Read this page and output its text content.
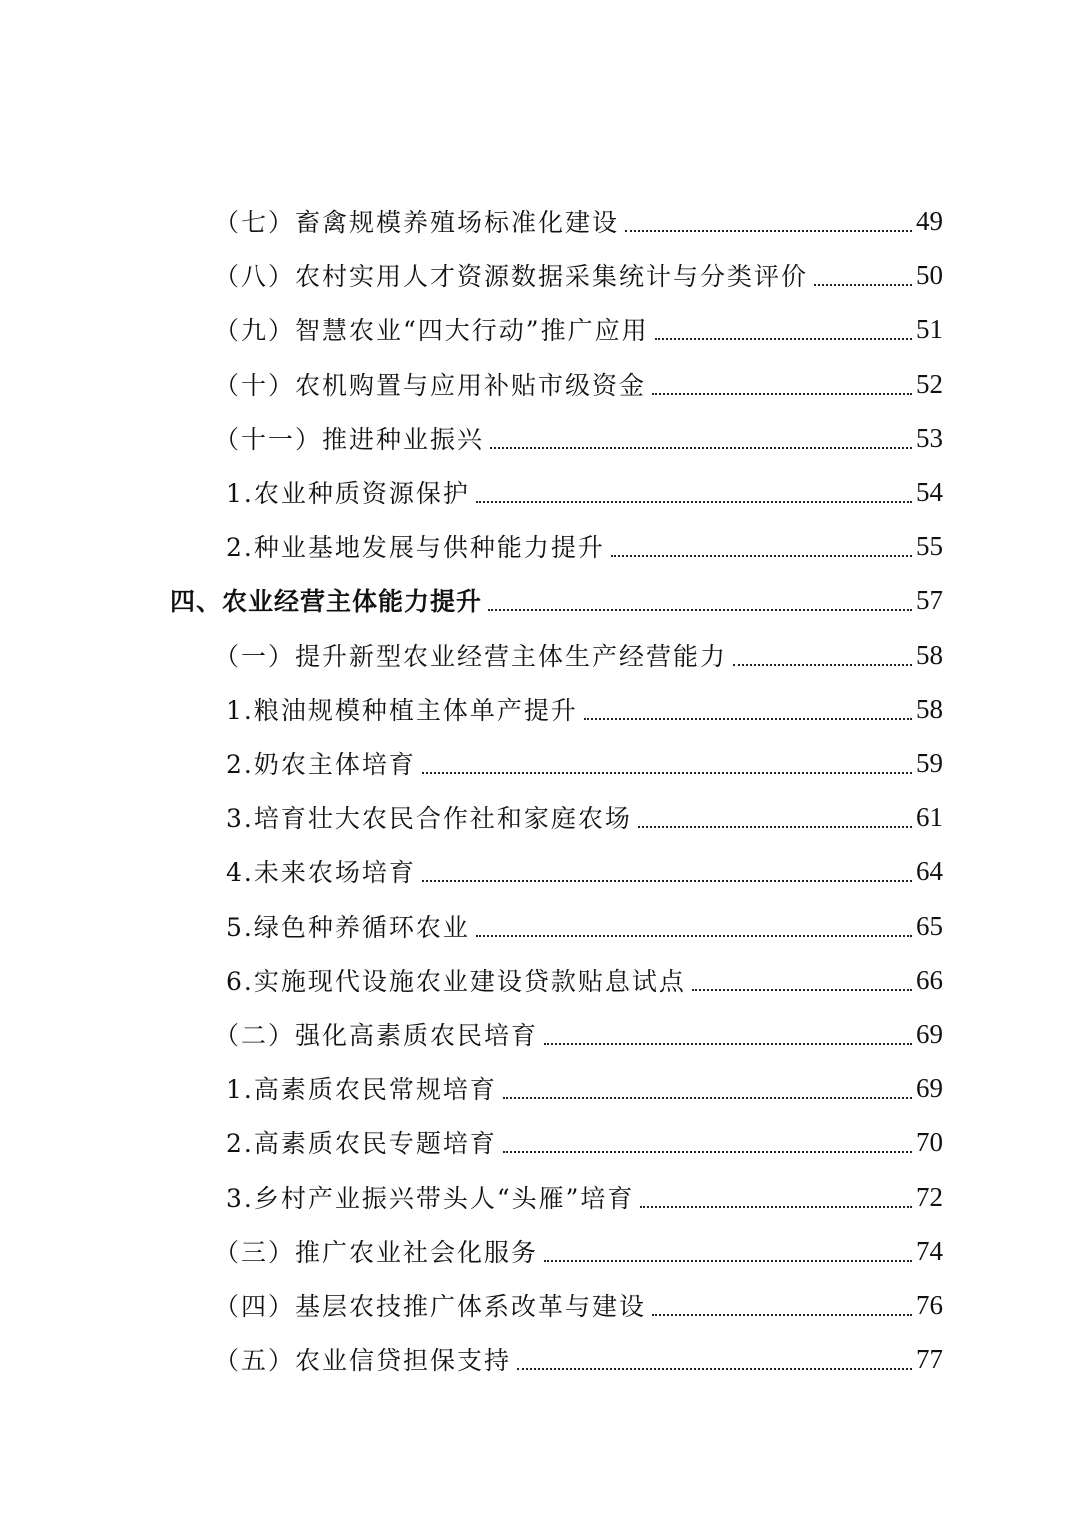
（七）畜禽规模养殖场标准化建设	49
（八）农村实用人才资源数据采集统计与分类评价	50
（九）智慧农业“四大行动”推广应用	51
（十）农机购置与应用补贴市级资金	52
（十一）推进种业振兴	53
1.农业种质资源保护	54
2.种业基地发展与供种能力提升	55
四、农业经营主体能力提升	57
（一）提升新型农业经营主体生产经营能力	58
1.粮油规模种植主体单产提升	58
2.奶农主体培育	59
3.培育壮大农民合作社和家庭农场	61
4.未来农场培育	64
5.绿色种养循环农业	65
6.实施现代设施农业建设贷款贴息试点	66
（二）强化高素质农民培育	69
1.高素质农民常规培育	69
2.高素质农民专题培育	70
3.乡村产业振兴带头人“头雁”培育	72
（三）推广农业社会化服务	74
（四）基层农技推广体系改革与建设	76
（五）农业信贷担保支持	77
